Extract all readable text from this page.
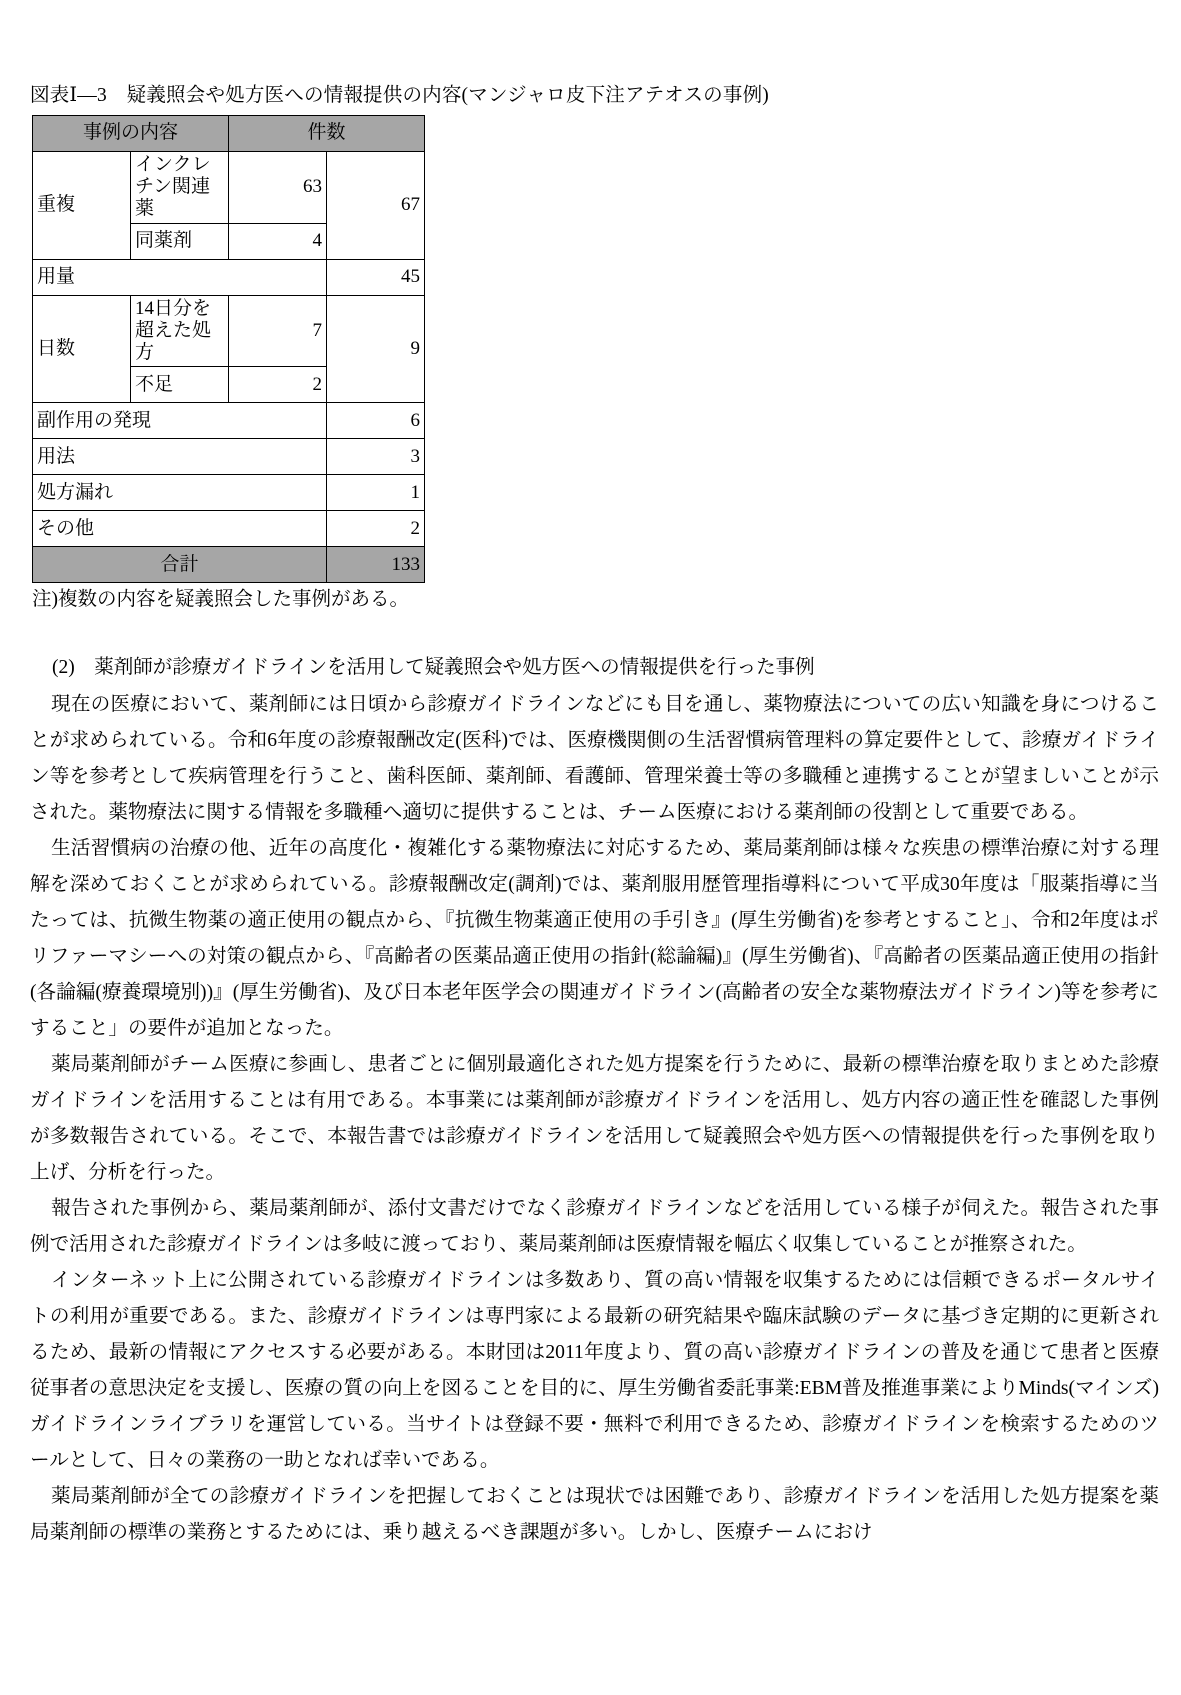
図表Ⅰ―3　疑義照会や処方医への情報提供の内容(マンジャロ皮下注アテオスの事例)
事例の内容		件数	
重複	インクレチン関連薬	63	67
	同薬剤	4	
用量			45
日数	14日分を超えた処方	7	9
	不足	2	
副作用の発現			6
用法			3
処方漏れ			1
その他			2
合計			133
注)複数の内容を疑義照会した事例がある。
(2)　薬剤師が診療ガイドラインを活用して疑義照会や処方医への情報提供を行った事例

現在の医療において、薬剤師には日頃から診療ガイドラインなどにも目を通し、薬物療法についての広い知識を身につけることが求められている。令和6年度の診療報酬改定(医科)では、医療機関側の生活習慣病管理料の算定要件として、診療ガイドライン等を参考として疾病管理を行うこと、歯科医師、薬剤師、看護師、管理栄養士等の多職種と連携することが望ましいことが示された。薬物療法に関する情報を多職種へ適切に提供することは、チーム医療における薬剤師の役割として重要である。

生活習慣病の治療の他、近年の高度化・複雑化する薬物療法に対応するため、薬局薬剤師は様々な疾患の標準治療に対する理解を深めておくことが求められている。診療報酬改定(調剤)では、薬剤服用歴管理指導料について平成30年度は「服薬指導に当たっては、抗微生物薬の適正使用の観点から、『抗微生物薬適正使用の手引き』(厚生労働省)を参考とすること」、令和2年度はポリファーマシーへの対策の観点から、『高齢者の医薬品適正使用の指針(総論編)』(厚生労働省)、『高齢者の医薬品適正使用の指針(各論編(療養環境別))』(厚生労働省)、及び日本老年医学会の関連ガイドライン(高齢者の安全な薬物療法ガイドライン)等を参考にすること」の要件が追加となった。

薬局薬剤師がチーム医療に参画し、患者ごとに個別最適化された処方提案を行うために、最新の標準治療を取りまとめた診療ガイドラインを活用することは有用である。本事業には薬剤師が診療ガイドラインを活用し、処方内容の適正性を確認した事例が多数報告されている。そこで、本報告書では診療ガイドラインを活用して疑義照会や処方医への情報提供を行った事例を取り上げ、分析を行った。

報告された事例から、薬局薬剤師が、添付文書だけでなく診療ガイドラインなどを活用している様子が伺えた。報告された事例で活用された診療ガイドラインは多岐に渡っており、薬局薬剤師は医療情報を幅広く収集していることが推察された。

インターネット上に公開されている診療ガイドラインは多数あり、質の高い情報を収集するためには信頼できるポータルサイトの利用が重要である。また、診療ガイドラインは専門家による最新の研究結果や臨床試験のデータに基づき定期的に更新されるため、最新の情報にアクセスする必要がある。本財団は2011年度より、質の高い診療ガイドラインの普及を通じて患者と医療従事者の意思決定を支援し、医療の質の向上を図ることを目的に、厚生労働省委託事業:EBM普及推進事業によりMinds(マインズ)ガイドラインライブラリを運営している。当サイトは登録不要・無料で利用できるため、診療ガイドラインを検索するためのツールとして、日々の業務の一助となれば幸いである。

薬局薬剤師が全ての診療ガイドラインを把握しておくことは現状では困難であり、診療ガイドラインを活用した処方提案を薬局薬剤師の標準の業務とするためには、乗り越えるべき課題が多い。しかし、医療チームにおけ
